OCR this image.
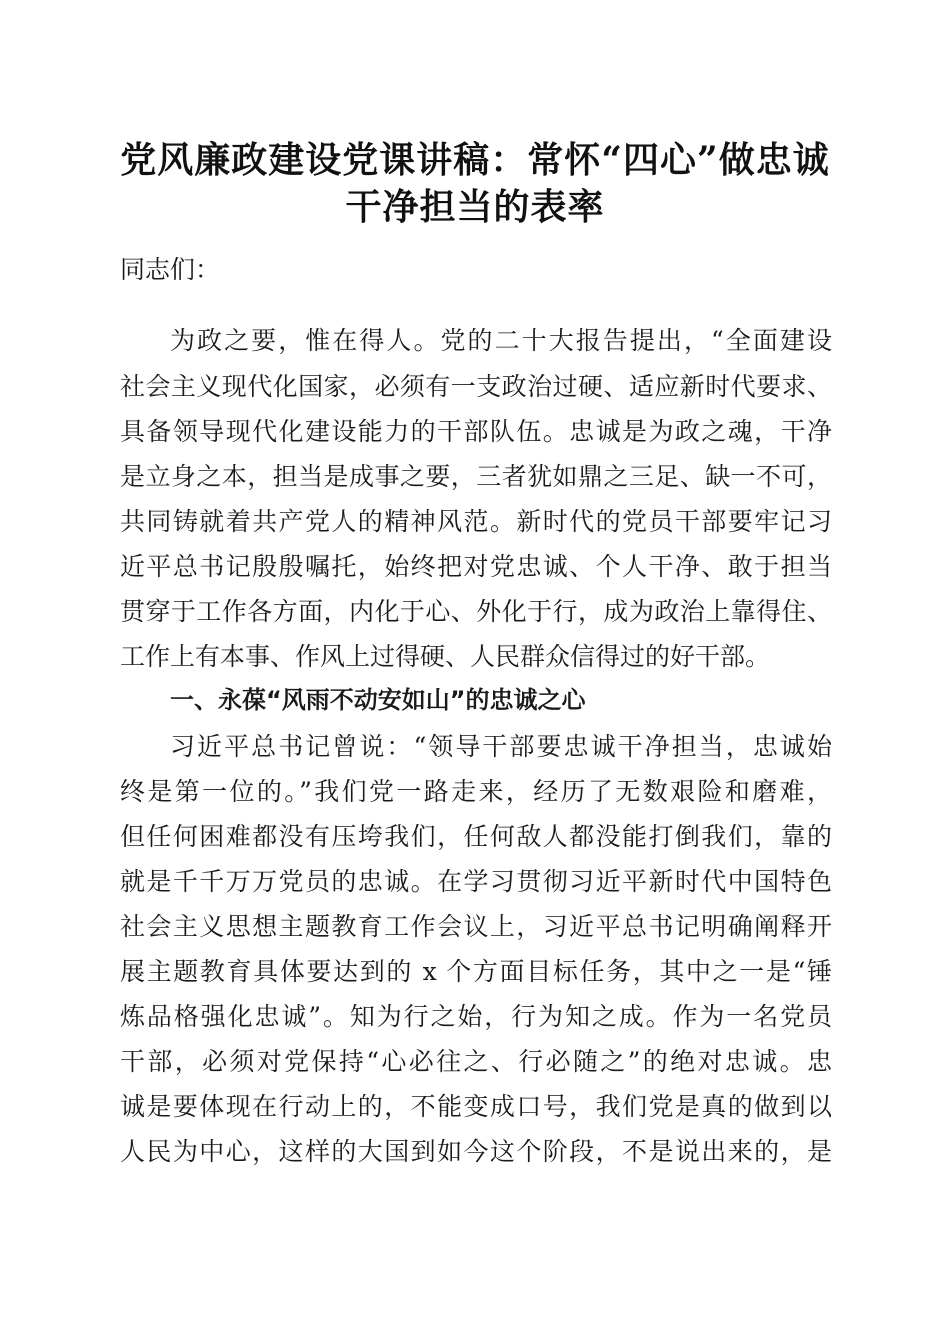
党风廉政建设党课讲稿：常怀“四心”做忠诚
干净担当的表率
同志们：
为政之要，惟在得人。党的二十大报告提出，“全面建设
社会主义现代化国家，必须有一支政治过硬、适应新时代要求、
具备领导现代化建设能力的干部队伍。忠诚是为政之魂，干净
是立身之本，担当是成事之要，三者犹如鼎之三足、缺一不可，
共同铸就着共产党人的精神风范。新时代的党员干部要牢记习
近平总书记殷殷嘱托，始终把对党忠诚、个人干净、敢于担当
贯穿于工作各方面，内化于心、外化于行，成为政治上靠得住、
工作上有本事、作风上过得硬、人民群众信得过的好干部。
一、永葆“风雨不动安如山”的忠诚之心
习近平总书记曾说：“领导干部要忠诚干净担当，忠诚始
终是第一位的。”我们党一路走来，经历了无数艰险和磨难，
但任何困难都没有压垮我们，任何敌人都没能打倒我们，靠的
就是千千万万党员的忠诚。在学习贯彻习近平新时代中国特色
社会主义思想主题教育工作会议上，习近平总书记明确阐释开
展主题教育具体要达到的 x 个方面目标任务，其中之一是“锤
炼品格强化忠诚”。知为行之始，行为知之成。作为一名党员
干部，必须对党保持“心必往之、行必随之”的绝对忠诚。忠
诚是要体现在行动上的，不能变成口号，我们党是真的做到以
人民为中心，这样的大国到如今这个阶段，不是说出来的，是
